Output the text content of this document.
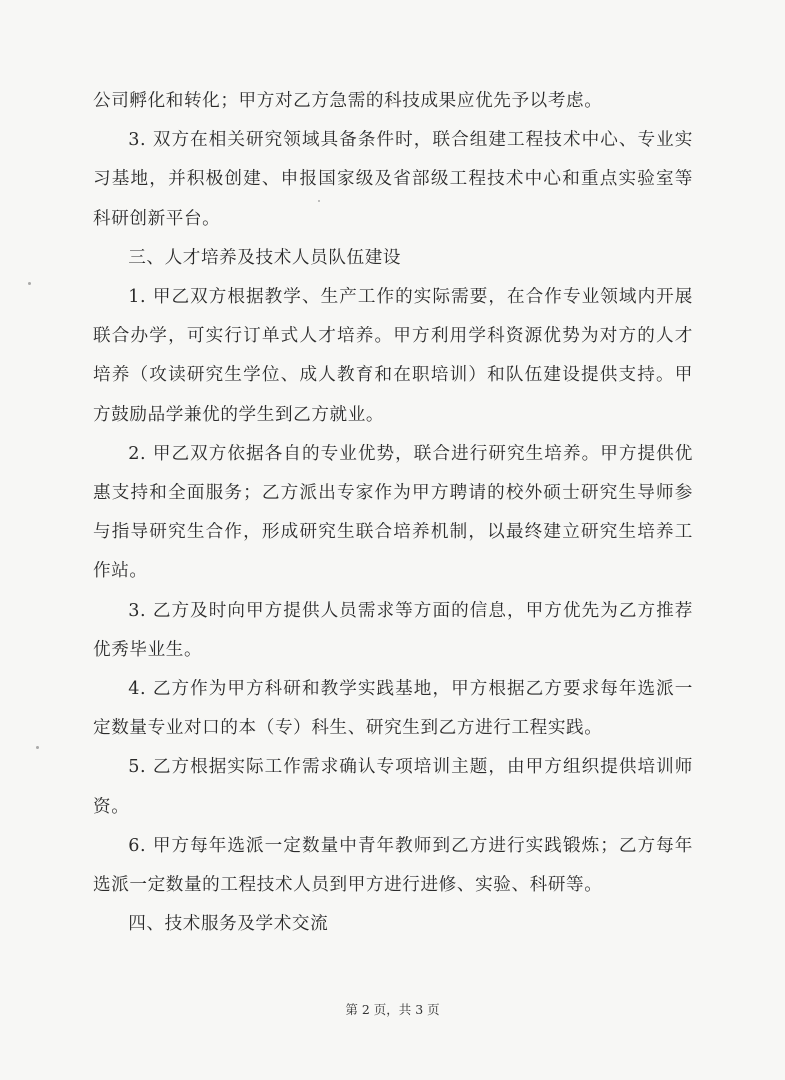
公司孵化和转化；甲方对乙方急需的科技成果应优先予以考虑。

3. 双方在相关研究领域具备条件时，联合组建工程技术中心、专业实习基地，并积极创建、申报国家级及省部级工程技术中心和重点实验室等科研创新平台。

三、人才培养及技术人员队伍建设

1. 甲乙双方根据教学、生产工作的实际需要，在合作专业领域内开展联合办学，可实行订单式人才培养。甲方利用学科资源优势为对方的人才培养（攻读研究生学位、成人教育和在职培训）和队伍建设提供支持。甲方鼓励品学兼优的学生到乙方就业。

2. 甲乙双方依据各自的专业优势，联合进行研究生培养。甲方提供优惠支持和全面服务；乙方派出专家作为甲方聘请的校外硕士研究生导师参与指导研究生合作，形成研究生联合培养机制，以最终建立研究生培养工作站。

3. 乙方及时向甲方提供人员需求等方面的信息，甲方优先为乙方推荐优秀毕业生。

4. 乙方作为甲方科研和教学实践基地，甲方根据乙方要求每年选派一定数量专业对口的本（专）科生、研究生到乙方进行工程实践。

5. 乙方根据实际工作需求确认专项培训主题，由甲方组织提供培训师资。

6. 甲方每年选派一定数量中青年教师到乙方进行实践锻炼；乙方每年选派一定数量的工程技术人员到甲方进行进修、实验、科研等。

四、技术服务及学术交流

第 2 页，共 3 页
